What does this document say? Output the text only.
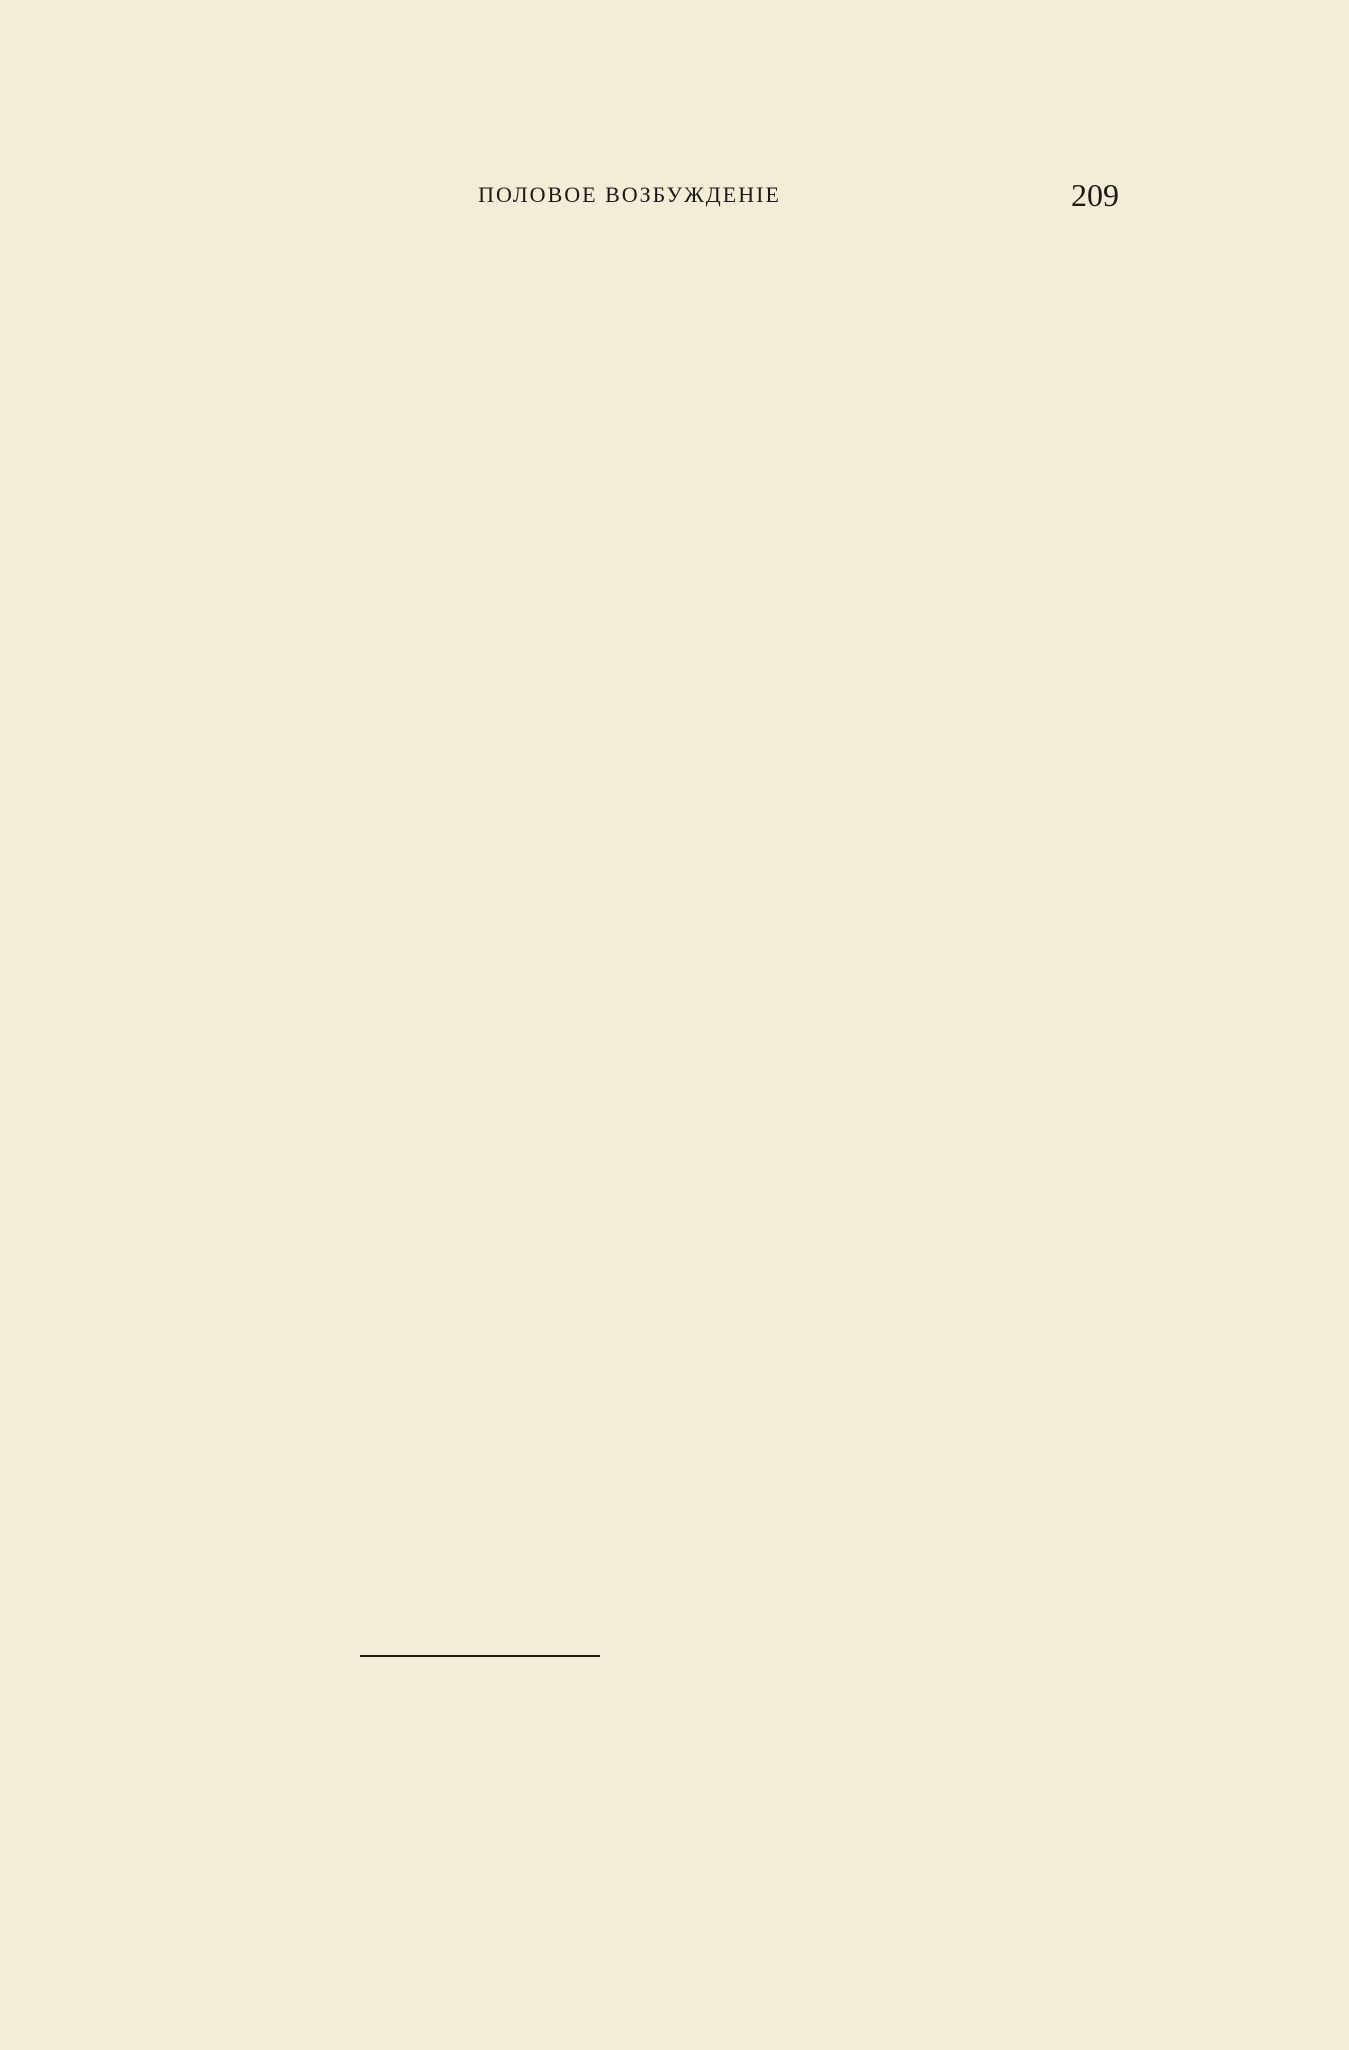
ПОЛОВОЕ ВОЗБУЖДЕНІЕ	209
